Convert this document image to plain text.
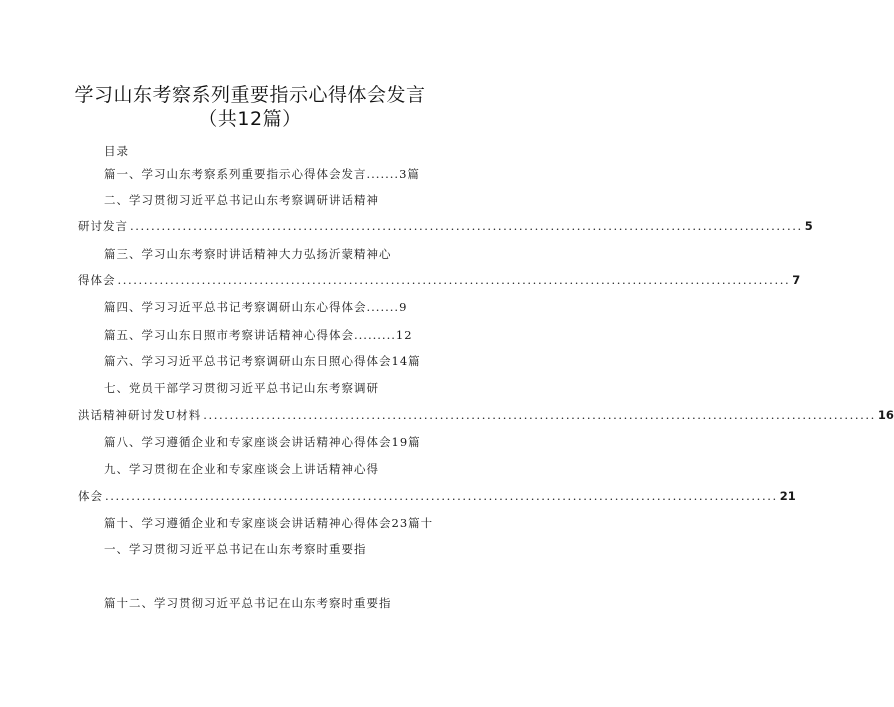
学习山东考察系列重要指示心得体会发言
（共12篇）
目录
篇一、学习山东考察系列重要指示心得体会发言.......3篇
二、学习贯彻习近平总书记山东考察调研讲话精神
研讨发言 ................................................................................................................................ 5
篇三、学习山东考察时讲话精神大力弘扬沂蒙精神心
得体会 ................................................................................................................................ 7
篇四、学习习近平总书记考察调研山东心得体会.......9
篇五、学习山东日照市考察讲话精神心得体会.........12
篇六、学习习近平总书记考察调研山东日照心得体会14篇
七、党员干部学习贯彻习近平总书记山东考察调研
洪话精神研讨发U材料 ................................................................................................................................ 16
篇八、学习遵循企业和专家座谈会讲话精神心得体会19篇
九、学习贯彻在企业和专家座谈会上讲话精神心得
体会 ................................................................................................................................ 21
篇十、学习遵循企业和专家座谈会讲话精神心得体会23篇十
一、学习贯彻习近平总书记在山东考察时重要指
篇十二、学习贯彻习近平总书记在山东考察时重要指
